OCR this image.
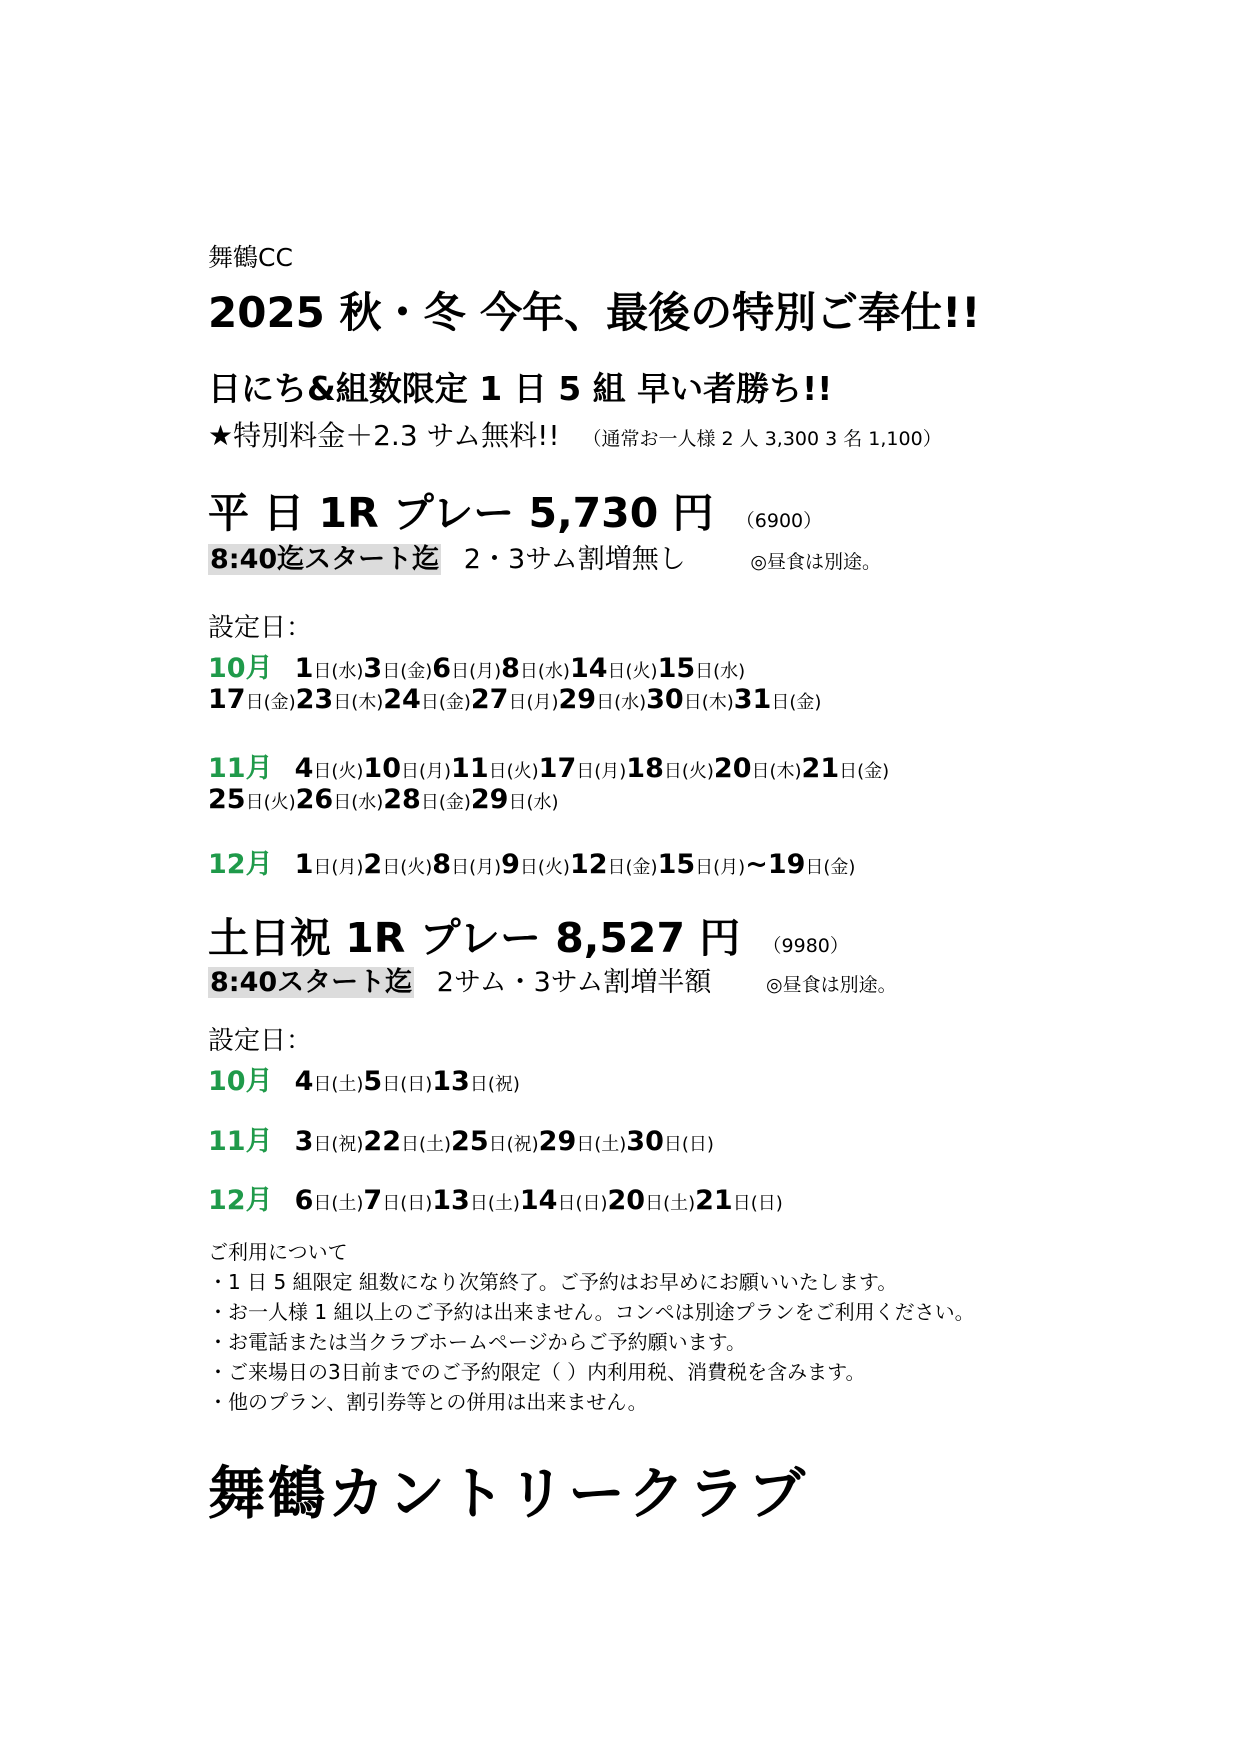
舞鶴CC
2025 秋・冬 今年、最後の特別ご奉仕!!
日にち&組数限定 1 日 5 組 早い者勝ち!!
★特別料金＋2.3 サム無料!! （通常お一人様 2 人 3,300 3 名 1,100）
平 日 1R プレー 5,730 円 （6900）
8:40迄スタート迄 2・3サム割増無し	◎昼食は別途。
設定日：
10月 1日(水)3日(金)6日(月)8日(水)14日(火)15日(水)
17日(金)23日(木)24日(金)27日(月)29日(水)30日(木)31日(金)
11月 4日(火)10日(月)11日(火)17日(月)18日(火)20日(木)21日(金)
25日(火)26日(水)28日(金)29日(水)
12月 1日(月)2日(火)8日(月)9日(火)12日(金)15日(月)~19日(金)
土日祝 1R プレー 8,527 円 （9980）
8:40スタート迄 2サム・3サム割増半額	◎昼食は別途。
設定日：
10月 4日(土)5日(日)13日(祝)
11月 3日(祝)22日(土)25日(祝)29日(土)30日(日)
12月 6日(土)7日(日)13日(土)14日(日)20日(土)21日(日)
ご利用について
・1 日 5 組限定 組数になり次第終了。ご予約はお早めにお願いいたします。
・お一人様 1 組以上のご予約は出来ません。コンペは別途プランをご利用ください。
・お電話または当クラブホームページからご予約願います。
・ご来場日の3日前までのご予約限定（ ）内利用税、消費税を含みます。
・他のプラン、割引券等との併用は出来ません。
舞鶴カントリークラブ
